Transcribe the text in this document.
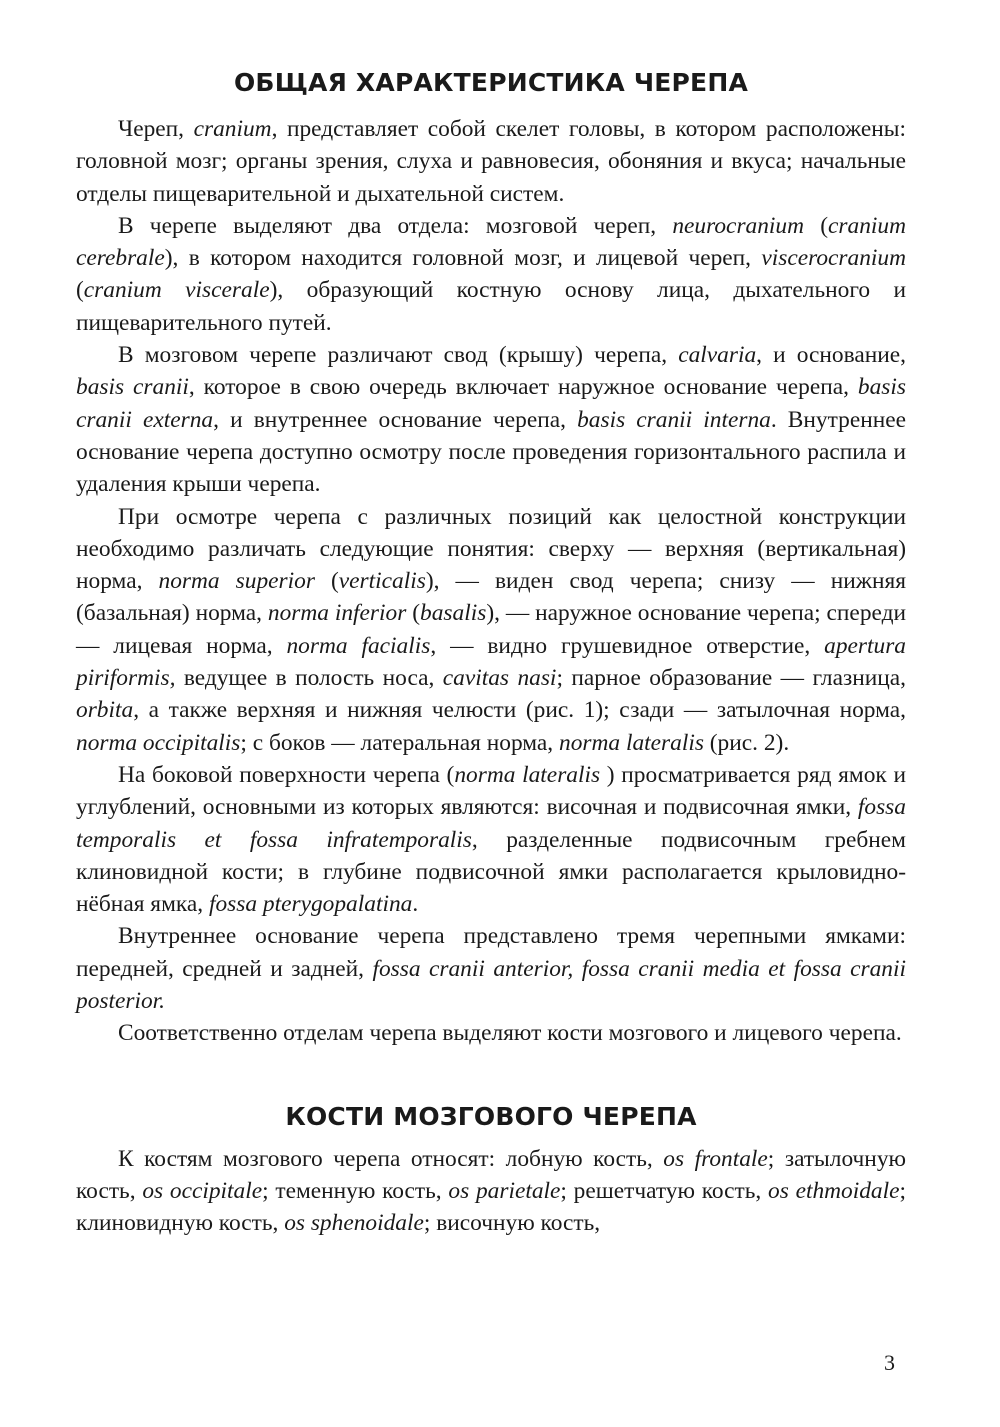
ОБЩАЯ ХАРАКТЕРИСТИКА ЧЕРЕПА

Череп, cranium, представляет собой скелет головы, в котором расположены: головной мозг; органы зрения, слуха и равновесия, обоняния и вкуса; начальные отделы пищеварительной и дыхательной систем.

В черепе выделяют два отдела: мозговой череп, neurocranium (cranium cerebrale), в котором находится головной мозг, и лицевой череп, viscerocranium (cranium viscerale), образующий костную основу лица, дыхательного и пищеварительного путей.

В мозговом черепе различают свод (крышу) черепа, calvaria, и основание, basis cranii, которое в свою очередь включает наружное основание черепа, basis cranii externa, и внутреннее основание черепа, basis cranii interna. Внутреннее основание черепа доступно осмотру после проведения горизонтального распила и удаления крыши черепа.

При осмотре черепа с различных позиций как целостной конструкции необходимо различать следующие понятия: сверху — верхняя (вертикальная) норма, norma superior (verticalis), — виден свод черепа; снизу — нижняя (базальная) норма, norma inferior (basalis), — наружное основание черепа; спереди — лицевая норма, norma facialis, — видно грушевидное отверстие, apertura piriformis, ведущее в полость носа, cavitas nasi; парное образование — глазница, orbita, а также верхняя и нижняя челюсти (рис. 1); сзади — затылочная норма, norma occipitalis; с боков — латеральная норма, norma lateralis (рис. 2).

На боковой поверхности черепа (norma lateralis ) просматривается ряд ямок и углублений, основными из которых являются: височная и подвисочная ямки, fossa temporalis et fossa infratemporalis, разделенные подвисочным гребнем клиновидной кости; в глубине подвисочной ямки располагается крыловидно-нёбная ямка, fossa pterygopalatina.

Внутреннее основание черепа представлено тремя черепными ямками: передней, средней и задней, fossa cranii anterior, fossa cranii media et fossa cranii posterior.

Соответственно отделам черепа выделяют кости мозгового и лицевого черепа.

КОСТИ МОЗГОВОГО ЧЕРЕПА

К костям мозгового черепа относят: лобную кость, os frontale; затылочную кость, os occipitale; теменную кость, os parietale; решетчатую кость, os ethmoidale; клиновидную кость, os sphenoidale; височную кость,

3
